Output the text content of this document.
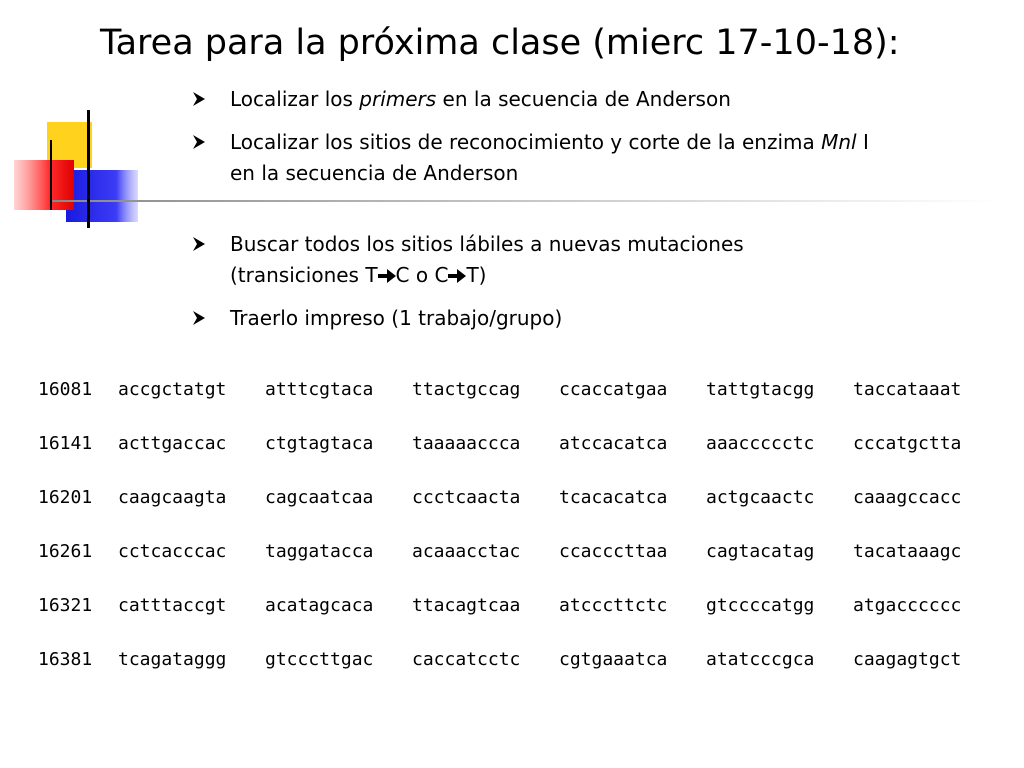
Tarea para la próxima clase (mierc 17-10-18):
Localizar los primers en la secuencia de Anderson
Localizar los sitios de reconocimiento y corte de la enzima Mnl I
en la secuencia de Anderson
Buscar todos los sitios lábiles a nuevas mutaciones
(transiciones T C o C T)
Traerlo impreso (1 trabajo/grupo)
16081 accgctatgt atttcgtaca ttactgccag ccaccatgaa tattgtacgg taccataaat
16141 acttgaccac ctgtagtaca taaaaaccca atccacatca aaaccccctc cccatgctta
16201 caagcaagta cagcaatcaa ccctcaacta tcacacatca actgcaactc caaagccacc
16261 cctcacccac taggatacca acaaacctac ccacccttaa cagtacatag tacataaagc
16321 catttaccgt acatagcaca ttacagtcaa atcccttctc gtccccatgg atgacccccc
16381 tcagataggg gtcccttgac caccatcctc cgtgaaatca atatcccgca caagagtgct
